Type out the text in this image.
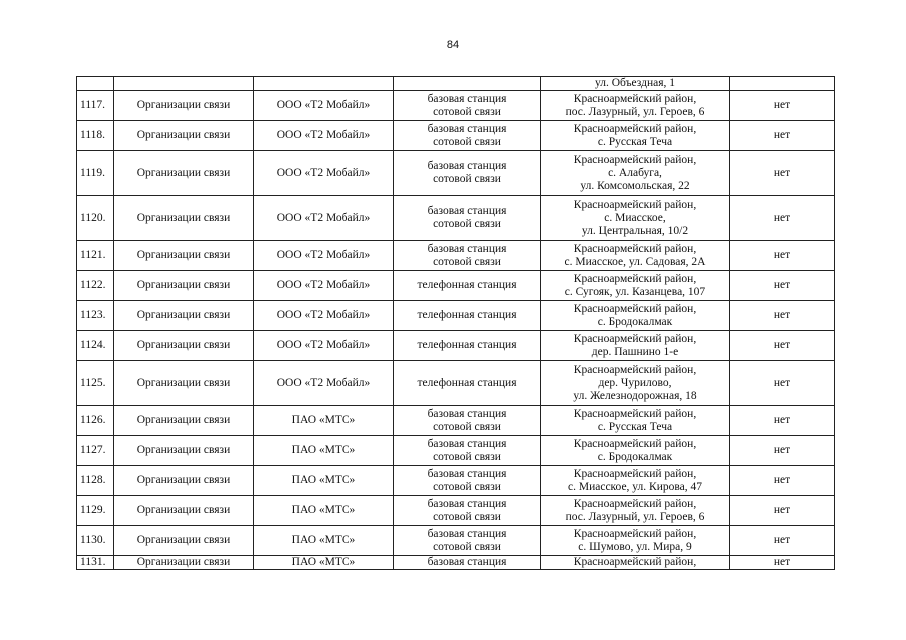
84

				ул. Объездная, 1	

1117.	Организации связи	ООО «Т2 Мобайл»	базовая станция
сотовой связи	Красноармейский район,
пос. Лазурный, ул. Героев, 6	нет
1118.	Организации связи	ООО «Т2 Мобайл»	базовая станция
сотовой связи	Красноармейский район,
с. Русская Теча	нет
1119.	Организации связи	ООО «Т2 Мобайл»	базовая станция
сотовой связи	Красноармейский район,
с. Алабуга,
ул. Комсомольская, 22	нет
1120.	Организации связи	ООО «Т2 Мобайл»	базовая станция
сотовой связи	Красноармейский район,
с. Миасское,
ул. Центральная, 10/2	нет
1121.	Организации связи	ООО «Т2 Мобайл»	базовая станция
сотовой связи	Красноармейский район,
с. Миасское, ул. Садовая, 2А	нет
1122.	Организации связи	ООО «Т2 Мобайл»	телефонная станция	Красноармейский район,
с. Сугояк, ул. Казанцева, 107	нет
1123.	Организации связи	ООО «Т2 Мобайл»	телефонная станция	Красноармейский район,
с. Бродокалмак	нет
1124.	Организации связи	ООО «Т2 Мобайл»	телефонная станция	Красноармейский район,
дер. Пашнино 1-е	нет
1125.	Организации связи	ООО «Т2 Мобайл»	телефонная станция	Красноармейский район,
дер. Чурилово,
ул. Железнодорожная, 18	нет
1126.	Организации связи	ПАО «МТС»	базовая станция
сотовой связи	Красноармейский район,
с. Русская Теча	нет
1127.	Организации связи	ПАО «МТС»	базовая станция
сотовой связи	Красноармейский район,
с. Бродокалмак	нет
1128.	Организации связи	ПАО «МТС»	базовая станция
сотовой связи	Красноармейский район,
с. Миасское, ул. Кирова, 47	нет
1129.	Организации связи	ПАО «МТС»	базовая станция
сотовой связи	Красноармейский район,
пос. Лазурный, ул. Героев, 6	нет
1130.	Организации связи	ПАО «МТС»	базовая станция
сотовой связи	Красноармейский район,
с. Шумово, ул. Мира, 9	нет
1131.	Организации связи	ПАО «МТС»	базовая станция	Красноармейский район,	нет
